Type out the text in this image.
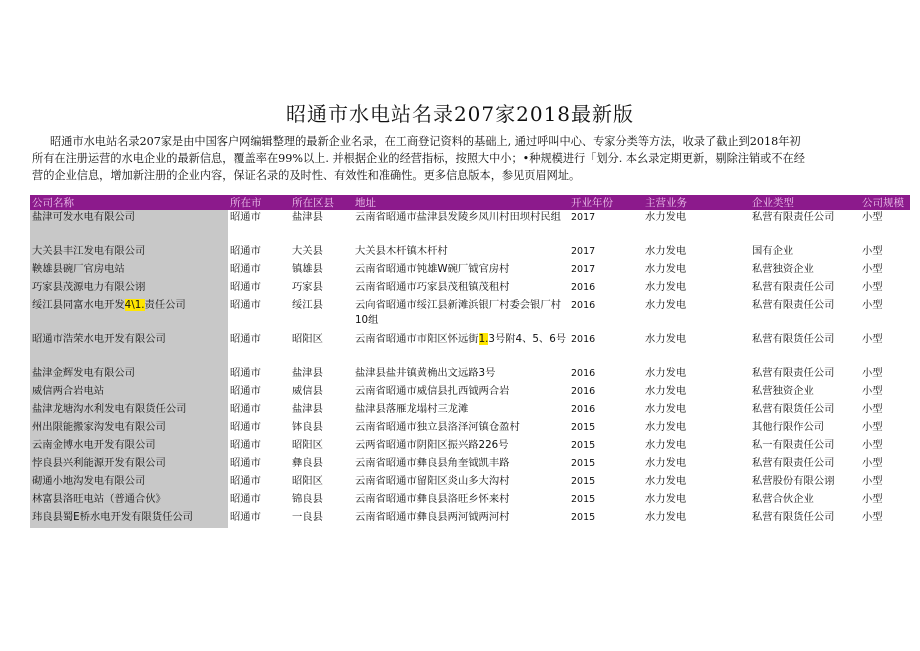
昭通市水电站名录207家2018最新版
昭通市水电站名录207家是由中国客户网编辑整理的最新企业名录，在工商登记资料的基础上, 通过呼叫中心、专家分类等方法，收录了截止到2018年初
所有在注册运营的水电企业的最新信息，覆盖率在99%以上. 并根据企业的经营指标，按照大中小；•种规模进行「划分. 本幺录定期更新，剔除注销或不在经
营的企业信息，增加新注册的企业内容，保证名录的及时性、有效性和准确性。更多信息版本，参见页眉网址。
公司名称	所在市	所在区县	地址	开业年份	主营业务	企业类型	公司规模
盐津可发水电有限公司	昭通市	盐津县	云南省昭通市盐津县发陵乡凤川村田坝村民组	2017	水力发电	私营有限责任公司	小型
大关县丰江发电有限公司	昭通市	大关县	大关县木杆镇木杆村	2017	水力发电	国有企业	小型
鞅雄县碗厂官房电站	昭通市	镇雄县	云南省昭通市钝雄W碗厂钺官房村	2017	水力发电	私营独资企业	小型
巧家县茂源电力有限公诩	昭通市	巧家县	云南省昭通市巧家县茂租镇茂租村	2016	水力发电	私营有限责任公司	小型
绥江县同富水电开发4\1.责任公司	昭通市	绥江县	云向省昭通市绥江县新滩浜银厂村委会银厂村10组	2016	水力发电	私营有限责任公司	小型
昭通市浩荣水电开发有限公司	昭通市	昭阳区	云南省昭通市市阳区怀远街1.3号附4、5、6号	2016	水力发电	私营有限货任公司	小型
盐津金辉发电有限公司	昭通市	盐津县	盐津县盐井镇黄桷出文远路3号	2016	水力发电	私营有限责任公司	小型
威信两合岩电站	昭通市	威信县	云南省昭通市威信县扎西钺两合岩	2016	水力发电	私营独资企业	小型
盐津龙塘沟水利发电有限货任公司	昭通市	盐津县	盐津县落雁龙塌村三龙滩	2016	水力发电	私营有限货任公司	小型
州出限能搬家沟发电有限公司	昭通市	钵良县	云南省昭通市独立县洛泽河镇仓盈村	2015	水力发电	其他行限作公司	小型
云南金博水电开发有限公司	昭通市	昭阳区	云两省昭通市阴阳区振兴路226号	2015	水力发电	私一有限责任公司	小型
悖良县兴利能源开发有限公司	昭通市	彝良县	云南省昭通市彝良县角奎钺凯丰路	2015	水力发电	私营有限责任公司	小型
砌通小地沟发电有限公司	昭通市	昭阳区	云南省昭通市留阳区炎山多大沟村	2015	水力发电	私营股份有限公诩	小型
林富县洛旺电站（普通合伙》	昭通市	锦良县	云南省昭通市彝良县洛旺乡怀来村	2015	水力发电	私营合伙企业	小型
玮良县蜀E桥水电开发有限货任公司	昭通市	一良县	云南省昭通市彝良县两河钺两河村	2015	水力发电	私营有限货任公司	小型
